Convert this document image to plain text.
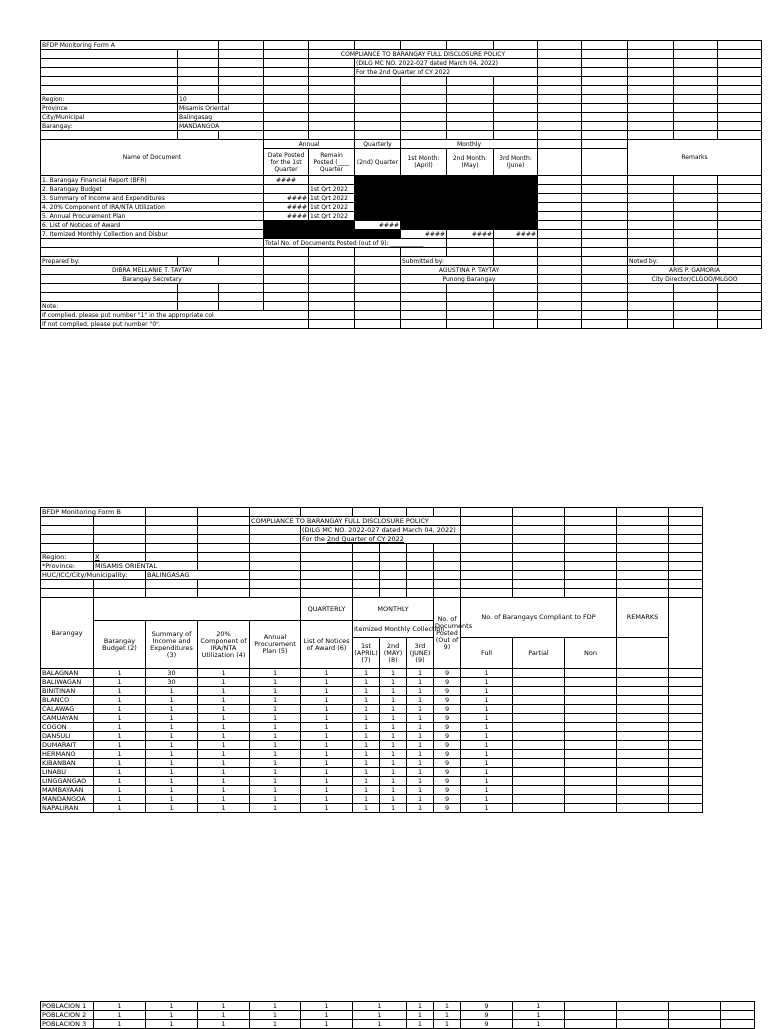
BFDP Monitoring Form A													
				COMPLIANCE TO BARANGAY FULL DISCLOSURE POLICY									
					(DILG MC NO. 2022-027 dated March 04, 2022)								
					For the 2nd Quarter of CY 2022								

Region:	10												
Province	Misamis Oriental												
City/Municipal	Balingasag												
Barangay:	MANDANGOA												

Name of Document			Annual		Quarterly	Monthly					Remarks		
			Date Posted for the 1st Quarter	Remain Posted (____ Quarter	(2nd) Quarter	1st Month: (April)	2nd Month: (May)	3rd Month: (June)					
1. Barangay Financial Report (BFR)			####										
2. Barangay Budget				1st Qrt 2022									
3. Summary of Income and Expenditures			####	1st Qrt 2022									
4. 20% Component of IRA/NTA Utilization			####	1st Qrt 2022									
5. Annual Procurement Plan			####	1st Qrt 2022									
6. List of Notices of Award					####								
7. Itemized Monthly Collection and Disbur						####	####	####					
			Total No. of Documents Posted (out of 9): ___________										

Prepared by:						Submitted by:					Noted by:		
DIBRA MELLANIE T. TAYTAY						AGUSTINA P. TAYTAY					ARIS P. GAMORIA		
Barangay Secretary						Punong Barangay					City Director/CLGOO/MLGOO		

Note:													
If complied, please put number "1" in the appropriate col													
If not complied, please put number "0".													
BFDP Monitoring Form B														
				COMPLIANCE TO BARANGAY FULL DISCLOSURE POLICY										
					(DILG MC NO. 2022-027 dated March 04, 2022)									
					For the 2nd Quarter of CY 2022									

Region:	X													
*Province:	MISAMIS ORIENTAL													
HUC/ICC/City/Municipality:		BALINGASAG												

Barangay					QUARTERLY	MONTHLY			No. of Documents Posted (Out of 9)	No. of Barangays Compliant to FDP			REMARKS	
	Barangay Budget (2)	Summary of Income and Expenditures (3)	20% Component of IRA/NTA Utilization (4)	Annual Procurement Plan (5)	List of Notices of Award (6)	Itemized Monthly Collection								
						1st (APRIL) (7)	2nd (MAY) (8)	3rd (JUNE) (9)		Full	Partial	Non		
BALAGNAN	1	30	1	1	1	1	1	1	9	1				
BALIWAGAN	1	30	1	1	1	1	1	1	9	1				
BINITINAN	1	1	1	1	1	1	1	1	9	1				
BLANCO	1	1	1	1	1	1	1	1	9	1				
CALAWAG	1	1	1	1	1	1	1	1	9	1				
CAMUAYAN	1	1	1	1	1	1	1	1	9	1				
COGON	1	1	1	1	1	1	1	1	9	1				
DANSULI	1	1	1	1	1	1	1	1	9	1				
DUMARAIT	1	1	1	1	1	1	1	1	9	1				
HERMANO	1	1	1	1	1	1	1	1	9	1				
KIBANBAN	1	1	1	1	1	1	1	1	9	1				
LINABU	1	1	1	1	1	1	1	1	9	1				
LINGGANGAO	1	1	1	1	1	1	1	1	9	1				
MAMBAYAAN	1	1	1	1	1	1	1	1	9	1				
MANDANGOA	1	1	1	1	1	1	1	1	9	1				
NAPALIRAN	1	1	1	1	1	1	1	1	9	1				
POBLACION 1	1	1	1	1	1	1	1	1	9	1				
POBLACION 2	1	1	1	1	1	1	1	1	9	1				
POBLACION 3	1	1	1	1	1	1	1	1	9	1				
